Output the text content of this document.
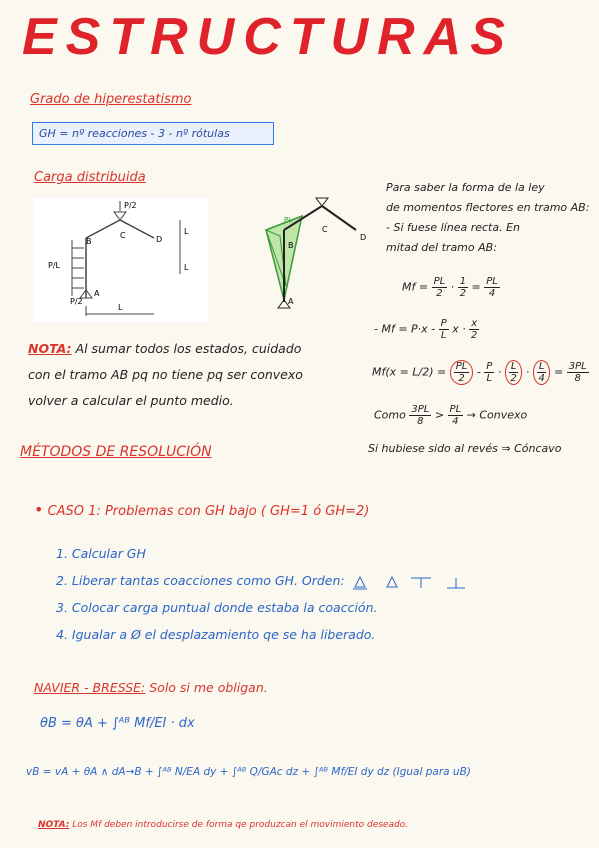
ESTRUCTURAS
Grado de hiperestatismo
GH = nº reacciones - 3 - nº rótulas
Carga distribuida
P/2
C
B	D
P/L
A
P/2
L
L
L
B
C
D
A
PL
NOTA: Al sumar todos los estados, cuidado
con el tramo AB pq no tiene pq ser convexo
volver a calcular el punto medio.
Para saber la forma de la ley
de momentos flectores en tramo AB:
- Si fuese línea recta. En
mitad del tramo AB:
$Mf = \frac{PL}{2} \cdot \frac{1}{2} = \frac{PL}{4}$
- $Mf = P\cdot x - \frac{P}{L}$ $x \cdot \frac{x}{2}$
$Mf(x = L/2) = \frac{PL}{2} - \frac{P}{L} \cdot \frac{L}{2} \cdot \frac{L}{4} = \frac{3PL}{8}$
Como $\frac{3PL}{8} > \frac{PL}{4}$ → Convexo
Si hubiese sido al revés ⇒ Cóncavo
MÉTODOS DE RESOLUCIÓN
• CASO 1: Problemas con GH bajo ( GH=1 ó GH=2)
1. Calcular GH
2. Liberar tantas coacciones como GH. Orden:
3. Colocar carga puntual donde estaba la coacción.
4. Igualar a Ø el desplazamiento qe se ha liberado.
NAVIER - BRESSE: Solo si me obligan.
θB = θA + ∫ᴬᴮ Mf/EI · dx
vB = vA + θA ∧ dA→B + ∫ᴬᴮ N/EA dy + ∫ᴬᴮ Q/GAc dz + ∫ᴬᴮ Mf/EI dy dz (Igual para uB)
NOTA: Los Mf deben introducirse de forma qe produzcan el movimiento deseado.
